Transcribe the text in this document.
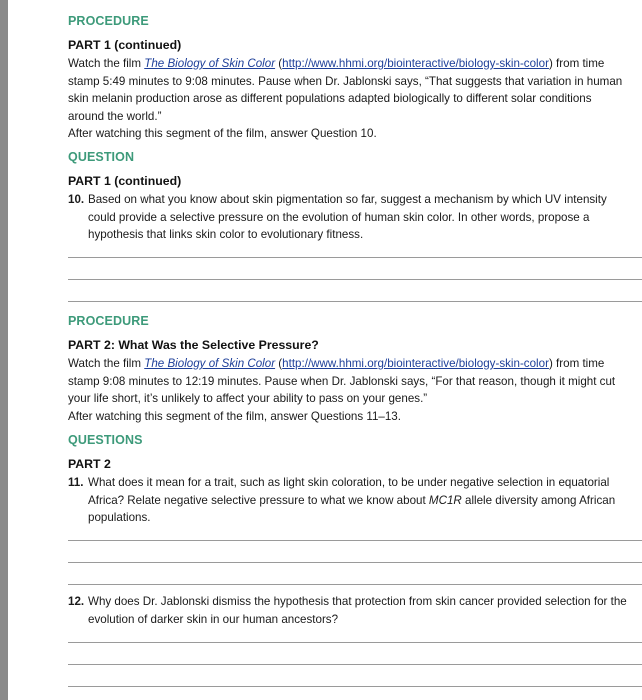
PROCEDURE
PART 1 (continued)
Watch the film The Biology of Skin Color (http://www.hhmi.org/biointeractive/biology-skin-color) from time stamp 5:49 minutes to 9:08 minutes. Pause when Dr. Jablonski says, “That suggests that variation in human skin melanin production arose as different populations adapted biologically to different solar conditions around the world.”
After watching this segment of the film, answer Question 10.
QUESTION
PART 1 (continued)
10. Based on what you know about skin pigmentation so far, suggest a mechanism by which UV intensity could provide a selective pressure on the evolution of human skin color. In other words, propose a hypothesis that links skin color to evolutionary fitness.
PROCEDURE
PART 2: What Was the Selective Pressure?
Watch the film The Biology of Skin Color (http://www.hhmi.org/biointeractive/biology-skin-color) from time stamp 9:08 minutes to 12:19 minutes. Pause when Dr. Jablonski says, “For that reason, though it might cut your life short, it’s unlikely to affect your ability to pass on your genes.”
After watching this segment of the film, answer Questions 11–13.
QUESTIONS
PART 2
11. What does it mean for a trait, such as light skin coloration, to be under negative selection in equatorial Africa? Relate negative selective pressure to what we know about MC1R allele diversity among African populations.
12. Why does Dr. Jablonski dismiss the hypothesis that protection from skin cancer provided selection for the evolution of darker skin in our human ancestors?
